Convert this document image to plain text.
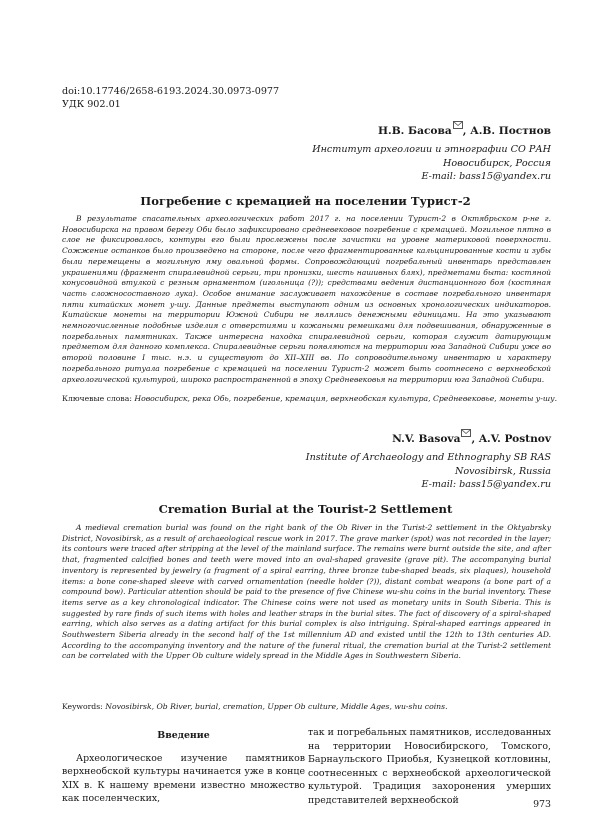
doi:10.17746/2658-6193.2024.30.0973-0977
УДК 902.01
Н.В. Басова , А.В. Постнов
Институт археологии и этнографии СО РАН
Новосибирск, Россия
E-mail: bass15@yandex.ru
Погребение с кремацией на поселении Турист-2
В результате спасательных археологических работ 2017 г. на поселении Турист-2 в Октябрьском р-не г. Новосибирска на правом берегу Оби было зафиксировано средневековое погребение с кремацией. Могильное пятно в слое не фиксировалось, контуры его были прослежены после зачистки на уровне материковой поверхности. Сожжение останков было произведено на стороне, после чего фрагментированные кальцинированные кости и зубы были перемещены в могильную яму овальной формы. Сопровождающий погребальный инвентарь представлен украшениями (фрагмент спиралевидной серьги, три пронизки, шесть нашивных блях), предметами быта: костяной конусовидной втулкой с резным орнаментом (игольница (?)); средствами ведения дистанционного боя (костяная часть сложносоставного лука). Особое внимание заслуживает нахождение в составе погребального инвентаря пяти китайских монет у-шу. Данные предметы выступают одним из основных хронологических индикаторов. Китайские монеты на территории Южной Сибири не являлись денежными единицами. На это указывают немногочисленные подобные изделия с отверстиями и кожаными ремешками для подвешивания, обнаруженные в погребальных памятниках. Также интересна находка спиралевидной серьги, которая служит датирующим предметом для данного комплекса. Спиралевидные серьги появляются на территории юга Западной Сибири уже во второй половине I тыс. н.э. и существуют до XII–XIII вв. По сопроводительному инвентарю и характеру погребального ритуала погребение с кремацией на поселении Турист-2 может быть соотнесено с верхнеобской археологической культурой, широко распространенной в эпоху Средневековья на территории юга Западной Сибири.
Ключевые слова: Новосибирск, река Обь, погребение, кремация, верхнеобская культура, Средневековье, монеты у-шу.
N.V. Basova , A.V. Postnov
Institute of Archaeology and Ethnography SB RAS
Novosibirsk, Russia
E-mail: bass15@yandex.ru
Cremation Burial at the Tourist-2 Settlement
A medieval cremation burial was found on the right bank of the Ob River in the Turist-2 settlement in the Oktyabrsky District, Novosibirsk, as a result of archaeological rescue work in 2017. The grave marker (spot) was not recorded in the layer; its contours were traced after stripping at the level of the mainland surface. The remains were burnt outside the site, and after that, fragmented calcified bones and teeth were moved into an oval-shaped gravesite (grave pit). The accompanying burial inventory is represented by jewelry (a fragment of a spiral earring, three bronze tube-shaped beads, six plaques), household items: a bone cone-shaped sleeve with carved ornamentation (needle holder (?)), distant combat weapons (a bone part of a compound bow). Particular attention should be paid to the presence of five Chinese wu-shu coins in the burial inventory. These items serve as a key chronological indicator. The Chinese coins were not used as monetary units in South Siberia. This is suggested by rare finds of such items with holes and leather straps in the burial sites. The fact of discovery of a spiral-shaped earring, which also serves as a dating artifact for this burial complex is also intriguing. Spiral-shaped earrings appeared in Southwestern Siberia already in the second half of the 1st millennium AD and existed until the 12th to 13th centuries AD. According to the accompanying inventory and the nature of the funeral ritual, the cremation burial at the Turist-2 settlement can be correlated with the Upper Ob culture widely spread in the Middle Ages in Southwestern Siberia.
Keywords: Novosibirsk, Ob River, burial, cremation, Upper Ob culture, Middle Ages, wu-shu coins.
Введение
Археологическое изучение памятников верхнеобской культуры начинается уже в конце XIX в. К нашему времени известно множество как поселенческих,
так и погребальных памятников, исследованных на территории Новосибирского, Томского, Барнаульского Приобья, Кузнецкой котловины, соотнесенных с верхнеобской археологической культурой. Традиция захоронения умерших представителей верхнеобской	973
